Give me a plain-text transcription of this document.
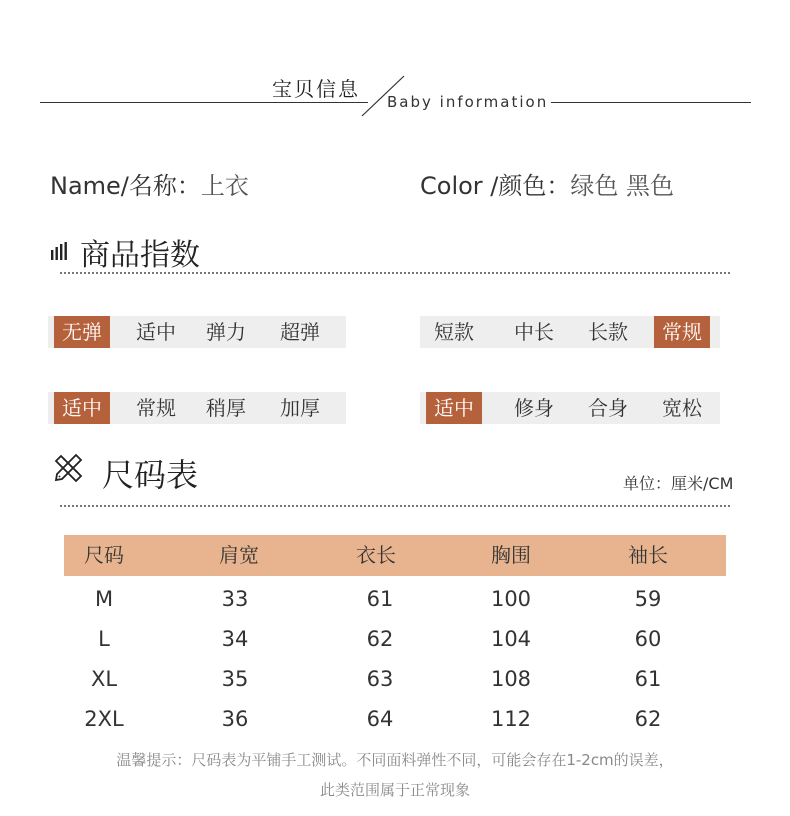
宝贝信息
Baby information
Name/名称：上衣	Color /颜色：绿色 黑色
商品指数
无弹	适中	弹力	超弹	短款	中长	长款	常规
适中	常规	稍厚	加厚	适中	修身	合身	宽松
尺码表	单位：厘米/CM
尺码	肩宽	衣长	胸围	袖长
M	33	61	100	59
L	34	62	104	60
XL	35	63	108	61
2XL	36	64	112	62
温馨提示：尺码表为平铺手工测试。不同面料弹性不同，可能会存在1-2cm的误差，
此类范围属于正常现象
